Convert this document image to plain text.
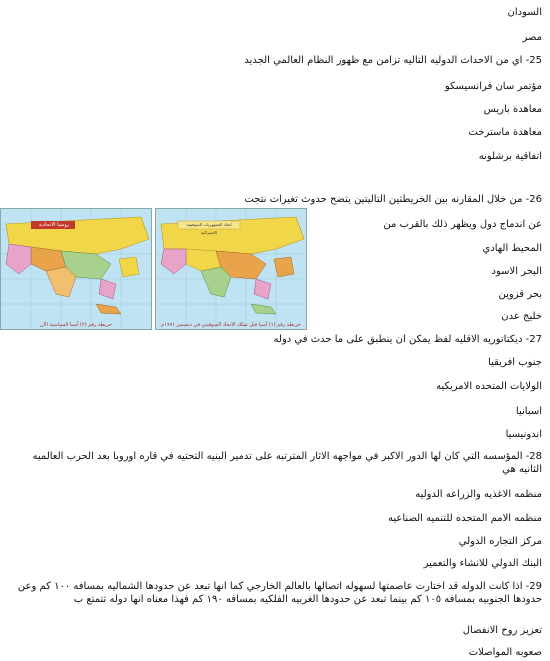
السودان
مصر
25- اي من الاحداث الدوليه التاليه تزامن مع ظهور النظام العالمي الجديد
مؤتمر سان فرانسيسكو
معاهدة باريس
معاهدة ماسترخت
اتفاقية برشلونه
26- من خلال المقارنه بين الخريطتين التاليتين يتضح حدوث تغيرات نتجت
عن اندماج دول ويظهر ذلك بالقرب من
المحيط الهادي
البحر الاسود
بحر قزوين
خليج عدن
27- ديكتاتوريه الاقليه لفظ يمكن ان ينطبق على ما حدث في دوله
جنوب افريقيا
الولايات المتحده الامريكيه
اسبانيا
اندونيسيا
28- المؤسسه التي كان لها الدور الاكبر في مواجهه الاثار المترتبه على تدمير البنيه التحتيه في قاره اوروبا بعد الحرب العالميه الثانيه هي
منظمه الاغذيه والزراعه الدوليه
منظمه الامم المتحده للتنميه الصناعيه
مركز التجاره الدولي
البنك الدولي للانشاء والتعمير
29- اذا كانت الدوله قد اختارت عاصمتها لسهوله اتصالها بالعالم الخارجي كما انها تبعد عن حدودها الشماليه بمسافه ١٠٠ كم وعن حدودها الجنوبيه بمسافه ١٠٥ كم بينما تبعد عن حدودها الغربيه الفلكيه بمسافه ١٩٠ كم فهذا معناه انها دوله تتمتع ب
تعزيز روح الانفصال
صعوبه المواصلات
روسيا الاتحادية
خريطة رقم (٢) آسيا السياسية الآن
اتحاد الجمهوريات السوفيتية الاشتراكية
خريطة رقم (١) آسيا قبل تفكك الاتحاد السوفيتي في ديسمبر ١٩٩١م
